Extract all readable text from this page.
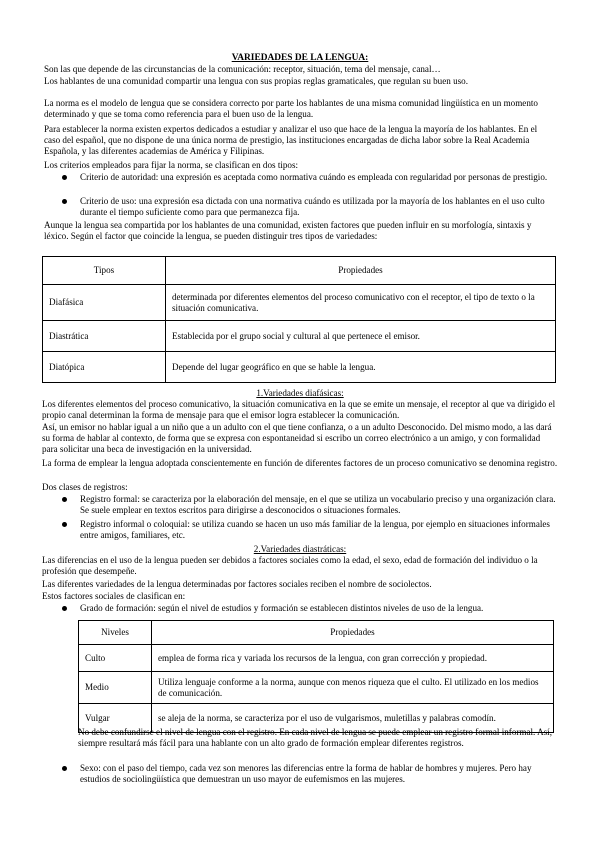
VARIEDADES DE LA LENGUA:

Son las que depende de las circunstancias de la comunicación: receptor, situación, tema del mensaje, canal…

Los hablantes de una comunidad compartir una lengua con sus propias reglas gramaticales, que regulan su buen uso.

La norma es el modelo de lengua que se considera correcto por parte los hablantes de una misma comunidad lingüística en un momento determinado y que se toma como referencia para el buen uso de la lengua.

Para establecer la norma existen expertos dedicados a estudiar y analizar el uso que hace de la lengua la mayoría de los hablantes. En el caso del español, que no dispone de una única norma de prestigio, las instituciones encargadas de dicha labor sobre la Real Academia Española, y las diferentes academias de América y Filipinas.

Los criterios empleados para fijar la norma, se clasifican en dos tipos:

Criterio de autoridad: una expresión es aceptada como normativa cuándo es empleada con regularidad por personas de prestigio.

Criterio de uso: una expresión esa dictada con una normativa cuándo es utilizada por la mayoría de los hablantes en el uso culto durante el tiempo suficiente como para que permanezca fija.

Aunque la lengua sea compartida por los hablantes de una comunidad, existen factores que pueden influir en su morfología, sintaxis y léxico. Según el factor que coincide la lengua, se pueden distinguir tres tipos de variedades:

Tipos	Propiedades
Diafásica	determinada por diferentes elementos del proceso comunicativo con el receptor, el tipo de texto o la situación comunicativa.
Diastrática	Establecida por el grupo social y cultural al que pertenece el emisor.
Diatópica	Depende del lugar geográfico en que se hable la lengua.

1.Variedades diafásicas:

Los diferentes elementos del proceso comunicativo, la situación comunicativa en la que se emite un mensaje, el receptor al que va dirigido el propio canal determinan la forma de mensaje para que el emisor logra establecer la comunicación.

Así, un emisor no hablar igual a un niño que a un adulto con el que tiene confianza, o a un adulto Desconocido. Del mismo modo, a las dará su forma de hablar al contexto, de forma que se expresa con espontaneidad si escribo un correo electrónico a un amigo, y con formalidad para solicitar una beca de investigación en la universidad.

La forma de emplear la lengua adoptada conscientemente en función de diferentes factores de un proceso comunicativo se denomina registro.

Dos clases de registros:

Registro formal: se caracteriza por la elaboración del mensaje, en el que se utiliza un vocabulario preciso y una organización clara. Se suele emplear en textos escritos para dirigirse a desconocidos o situaciones formales.

Registro informal o coloquial: se utiliza cuando se hacen un uso más familiar de la lengua, por ejemplo en situaciones informales entre amigos, familiares, etc.

2.Variedades diastráticas:

Las diferencias en el uso de la lengua pueden ser debidos a factores sociales como la edad, el sexo, edad de formación del individuo o la profesión que desempeñe.

Las diferentes variedades de la lengua determinadas por factores sociales reciben el nombre de sociolectos.

Estos factores sociales de clasifican en:

Grado de formación: según el nivel de estudios y formación se establecen distintos niveles de uso de la lengua.

Niveles	Propiedades
Culto	emplea de forma rica y variada los recursos de la lengua, con gran corrección y propiedad.
Medio	Utiliza lenguaje conforme a la norma, aunque con menos riqueza que el culto. El utilizado en los medios de comunicación.
Vulgar	se aleja de la norma, se caracteriza por el uso de vulgarismos, muletillas y palabras comodín.

No debe confundirse el nivel de lengua con el registro. En cada nivel de lengua se puede emplear un registro formal informal. Así, siempre resultará más fácil para una hablante con un alto grado de formación emplear diferentes registros.

Sexo: con el paso del tiempo, cada vez son menores las diferencias entre la forma de hablar de hombres y mujeres. Pero hay estudios de sociolingüística que demuestran un uso mayor de eufemismos en las mujeres.
